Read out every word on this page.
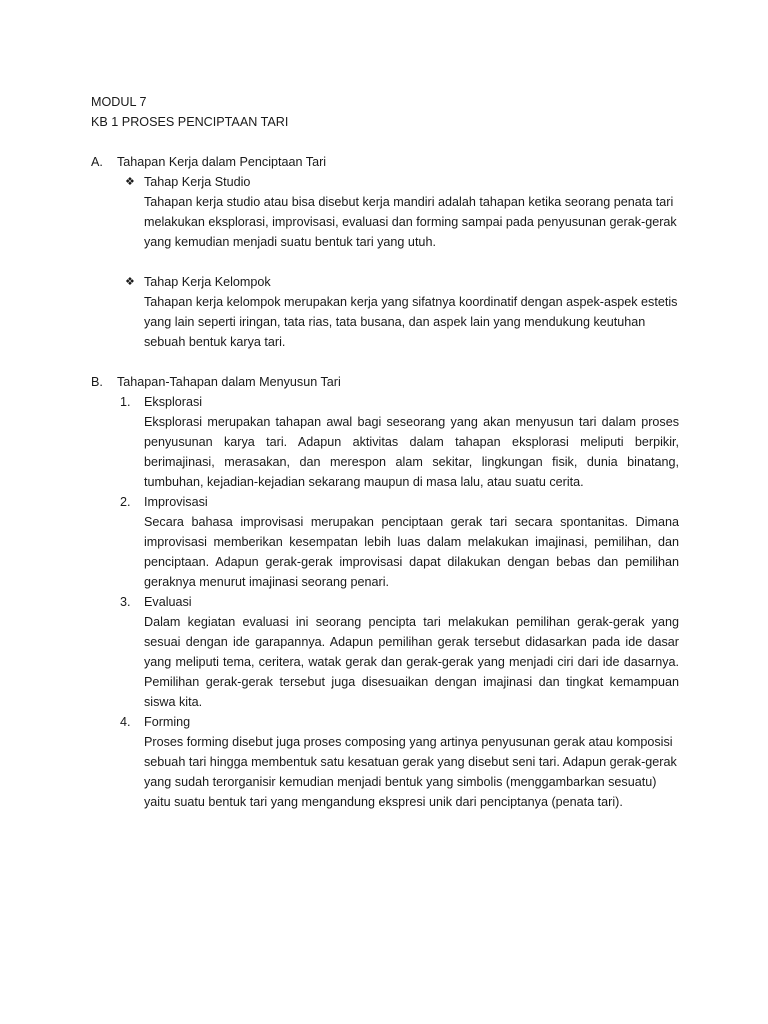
MODUL 7

KB 1 PROSES PENCIPTAAN TARI

A. Tahapan Kerja dalam Penciptaan Tari
❖ Tahap Kerja Studio

Tahapan kerja studio atau bisa disebut kerja mandiri adalah tahapan ketika seorang penata tari melakukan eksplorasi, improvisasi, evaluasi dan forming sampai pada penyusunan gerak-gerak yang kemudian menjadi suatu bentuk tari yang utuh.

❖ Tahap Kerja Kelompok

Tahapan kerja kelompok merupakan kerja yang sifatnya koordinatif dengan aspek-aspek estetis yang lain seperti iringan, tata rias, tata busana, dan aspek lain yang mendukung keutuhan sebuah bentuk karya tari.

B. Tahapan-Tahapan dalam Menyusun Tari
1. Eksplorasi

Eksplorasi merupakan tahapan awal bagi seseorang yang akan menyusun tari dalam proses penyusunan karya tari. Adapun aktivitas dalam tahapan eksplorasi meliputi berpikir, berimajinasi, merasakan, dan merespon alam sekitar, lingkungan fisik, dunia binatang, tumbuhan, kejadian-kejadian sekarang maupun di masa lalu, atau suatu cerita.

2. Improvisasi

Secara bahasa improvisasi merupakan penciptaan gerak tari secara spontanitas. Dimana improvisasi memberikan kesempatan lebih luas dalam melakukan imajinasi, pemilihan, dan penciptaan. Adapun gerak-gerak improvisasi dapat dilakukan dengan bebas dan pemilihan geraknya menurut imajinasi seorang penari.

3. Evaluasi

Dalam kegiatan evaluasi ini seorang pencipta tari melakukan pemilihan gerak-gerak yang sesuai dengan ide garapannya. Adapun pemilihan gerak tersebut didasarkan pada ide dasar yang meliputi tema, ceritera, watak gerak dan gerak-gerak yang menjadi ciri dari ide dasarnya. Pemilihan gerak-gerak tersebut juga disesuaikan dengan imajinasi dan tingkat kemampuan siswa kita.

4. Forming

Proses forming disebut juga proses composing yang artinya penyusunan gerak atau komposisi sebuah tari hingga membentuk satu kesatuan gerak yang disebut seni tari. Adapun gerak-gerak yang sudah terorganisir kemudian menjadi bentuk yang simbolis (menggambarkan sesuatu) yaitu suatu bentuk tari yang mengandung ekspresi unik dari penciptanya (penata tari).
